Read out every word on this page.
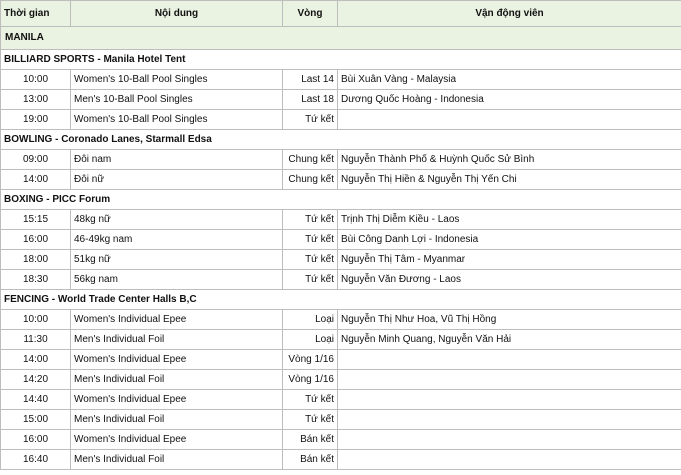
Thời gian	Nội dung	Vòng	Vận động viên
MANILA			
BILLIARD SPORTS - Manila Hotel Tent			
10:00	Women's 10-Ball Pool Singles	Last 14	Bùi Xuân Vàng - Malaysia
13:00	Men's 10-Ball Pool Singles	Last 18	Dương Quốc Hoàng - Indonesia
19:00	Women's 10-Ball Pool Singles	Tứ kết	
BOWLING - Coronado Lanes, Starmall Edsa			
09:00	Đôi nam	Chung kết	Nguyễn Thành Phố & Huỳnh Quốc Sử Bình
14:00	Đôi nữ	Chung kết	Nguyễn Thị Hiền & Nguyễn Thị Yến Chi
BOXING - PICC Forum			
15:15	48kg nữ	Tứ kết	Trịnh Thị Diễm Kiều - Laos
16:00	46-49kg nam	Tứ kết	Bùi Công Danh Lợi - Indonesia
18:00	51kg nữ	Tứ kết	Nguyễn Thị Tâm - Myanmar
18:30	56kg nam	Tứ kết	Nguyễn Văn Đương - Laos
FENCING - World Trade Center Halls B,C			
10:00	Women's Individual Epee	Loại	Nguyễn Thị Như Hoa, Vũ Thị Hồng
11:30	Men's Individual Foil	Loại	Nguyễn Minh Quang, Nguyễn Văn Hải
14:00	Women's Individual Epee	Vòng 1/16	
14:20	Men's Individual Foil	Vòng 1/16	
14:40	Women's Individual Epee	Tứ kết	
15:00	Men's Individual Foil	Tứ kết	
16:00	Women's Individual Epee	Bán kết	
16:40	Men's Individual Foil	Bán kết	
